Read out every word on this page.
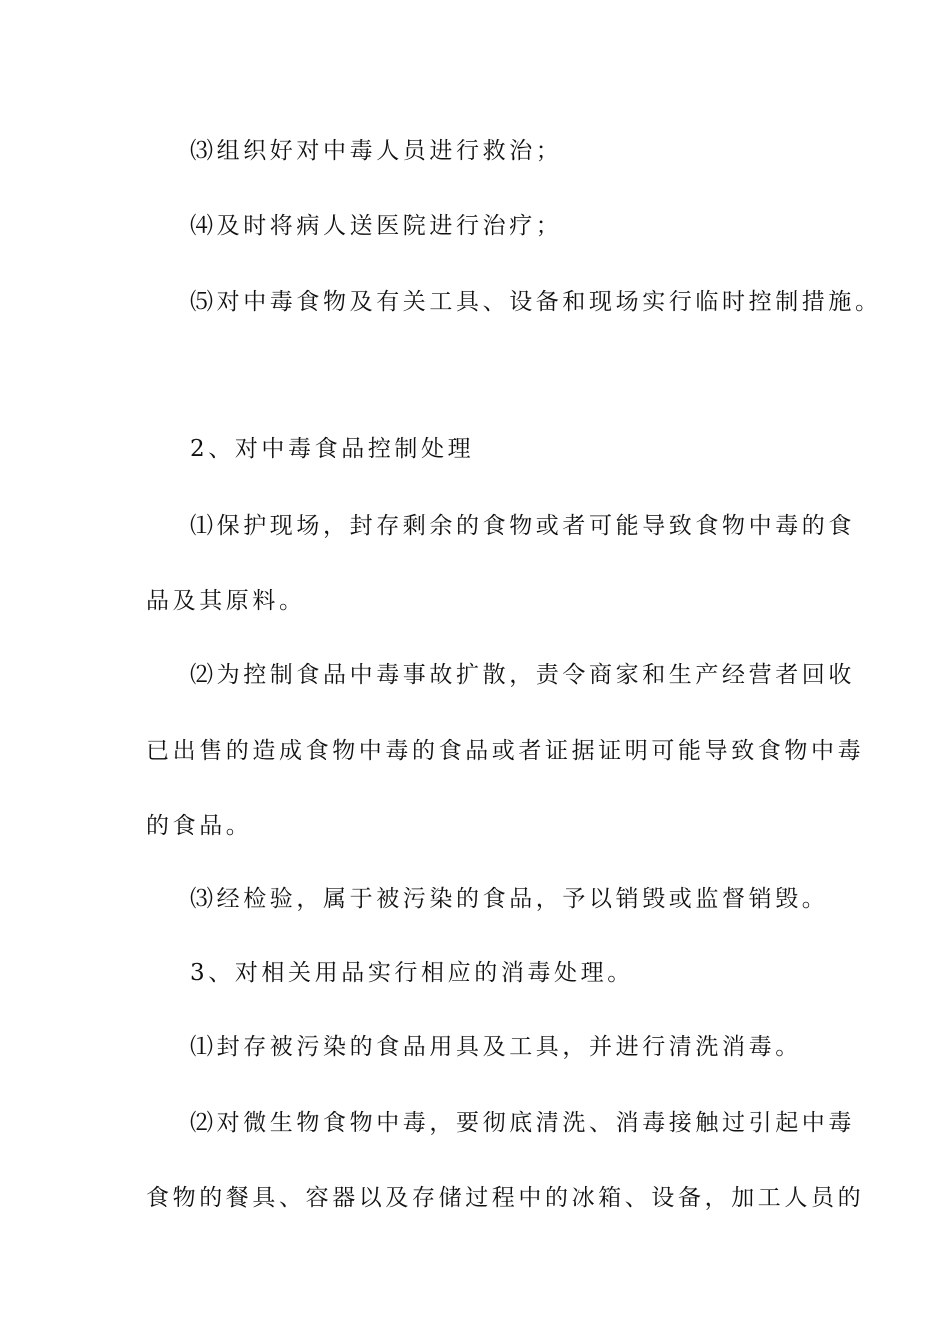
⑶组织好对中毒人员进行救治；
⑷及时将病人送医院进行治疗；
⑸对中毒食物及有关工具、设备和现场实行临时控制措施。
2、对中毒食品控制处理
⑴保护现场，封存剩余的食物或者可能导致食物中毒的食
品及其原料。
⑵为控制食品中毒事故扩散，责令商家和生产经营者回收
已出售的造成食物中毒的食品或者证据证明可能导致食物中毒
的食品。
⑶经检验，属于被污染的食品，予以销毁或监督销毁。
3、对相关用品实行相应的消毒处理。
⑴封存被污染的食品用具及工具，并进行清洗消毒。
⑵对微生物食物中毒，要彻底清洗、消毒接触过引起中毒
食物的餐具、容器以及存储过程中的冰箱、设备，加工人员的
